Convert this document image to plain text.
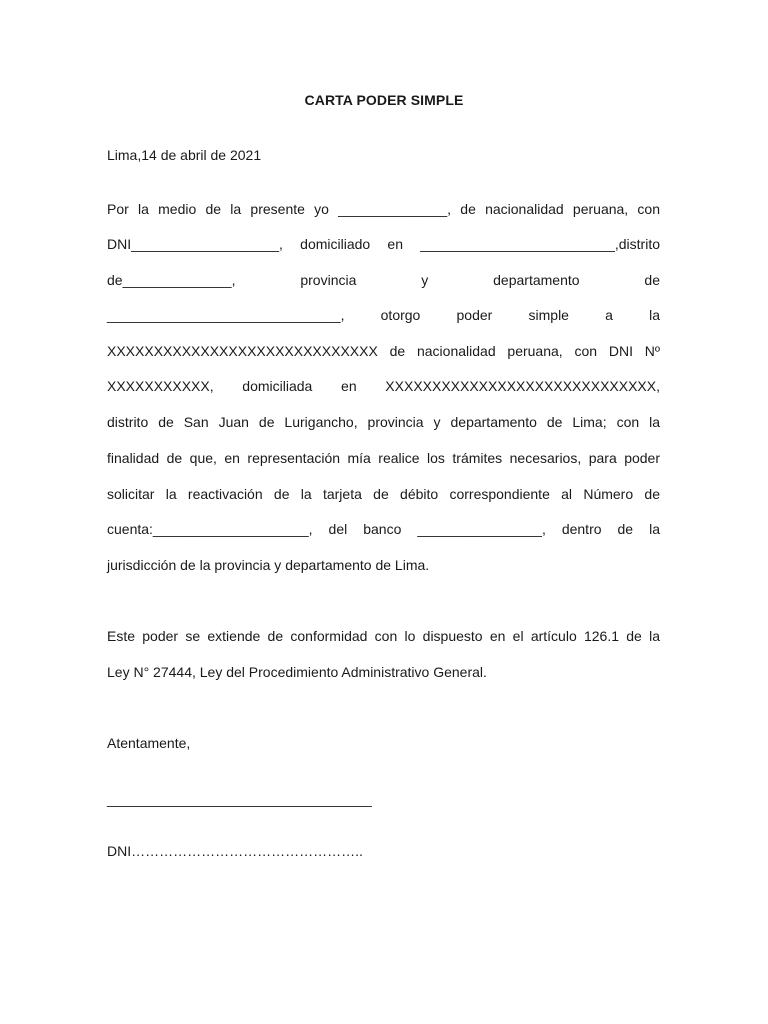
CARTA PODER SIMPLE
Lima,14 de abril de 2021
Por la medio de la presente yo ______________, de nacionalidad peruana, con
DNI___________________, domiciliado en _________________________,distrito
de______________, provincia y departamento de
______________________________, otorgo poder simple a la
XXXXXXXXXXXXXXXXXXXXXXXXXXXXX de nacionalidad peruana, con DNI Nº
XXXXXXXXXXX, domiciliada en XXXXXXXXXXXXXXXXXXXXXXXXXXXXX,
distrito de San Juan de Lurigancho, provincia y departamento de Lima; con la
finalidad de que, en representación mía realice los trámites necesarios, para poder
solicitar la reactivación de la tarjeta de débito correspondiente al Número de
cuenta:____________________, del banco ________________, dentro de la
jurisdicción de la provincia y departamento de Lima.
Este poder se extiende de conformidad con lo dispuesto en el artículo 126.1 de la
Ley N° 27444, Ley del Procedimiento Administrativo General.
Atentamente,
__________________________________
DNI…………………………………………..
